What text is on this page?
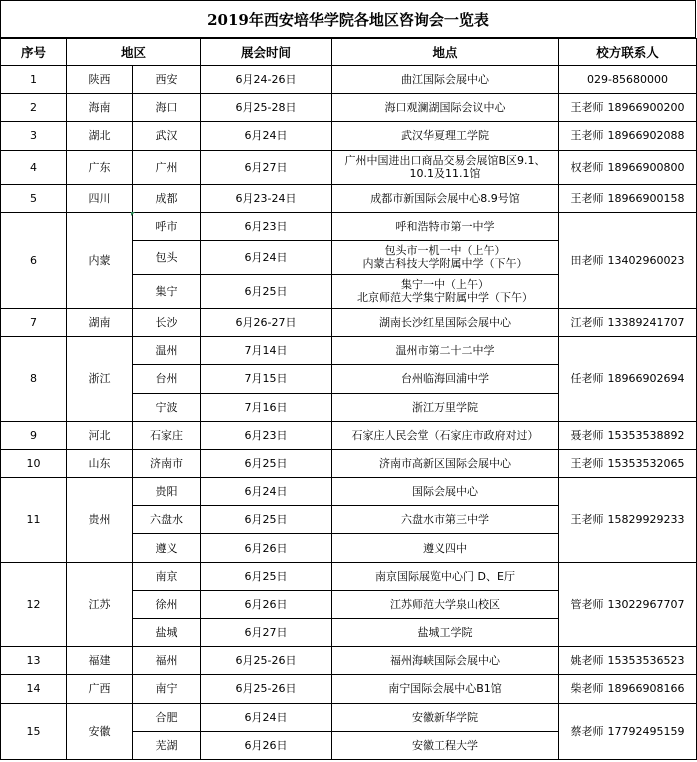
2019年西安培华学院各地区咨询会一览表
序号	地区		展会时间	地点	校方联系人
1	陕西	西安	6月24-26日	曲江国际会展中心	029-85680000
2	海南	海口	6月25-28日	海口观澜湖国际会议中心	王老师 18966900200
3	湖北	武汉	6月24日	武汉华夏理工学院	王老师 18966902088
4	广东	广州	6月27日	广州中国进出口商品交易会展馆B区9.1、
10.1及11.1馆	权老师 18966900800
5	四川	成都	6月23-24日	成都市新国际会展中心8.9号馆	王老师 18966900158
6	内蒙	呼市	6月23日	呼和浩特市第一中学	田老师 13402960023
		包头	6月24日	包头市一机一中（上午）
内蒙古科技大学附属中学（下午）	

		集宁	6月25日	集宁一中（上午）
北京师范大学集宁附属中学（下午）	

7	湖南	长沙	6月26-27日	湖南长沙红星国际会展中心	江老师 13389241707
8	浙江	温州	7月14日	温州市第二十二中学	任老师 18966902694
		台州	7月15日	台州临海回浦中学	

		宁波	7月16日	浙江万里学院	

9	河北	石家庄	6月23日	石家庄人民会堂（石家庄市政府对过）	聂老师 15353538892
10	山东	济南市	6月25日	济南市高新区国际会展中心	王老师 15353532065
11	贵州	贵阳	6月24日	国际会展中心	王老师 15829929233
		六盘水	6月25日	六盘水市第三中学	

		遵义	6月26日	遵义四中	

12	江苏	南京	6月25日	南京国际展览中心门 D、E厅	管老师 13022967707
		徐州	6月26日	江苏师范大学泉山校区	

		盐城	6月27日	盐城工学院	

13	福建	福州	6月25-26日	福州海峡国际会展中心	姚老师 15353536523
14	广西	南宁	6月25-26日	南宁国际会展中心B1馆	柴老师 18966908166
15	安徽	合肥	6月24日	安徽新华学院	蔡老师 17792495159
		芜湖	6月26日	安徽工程大学	
